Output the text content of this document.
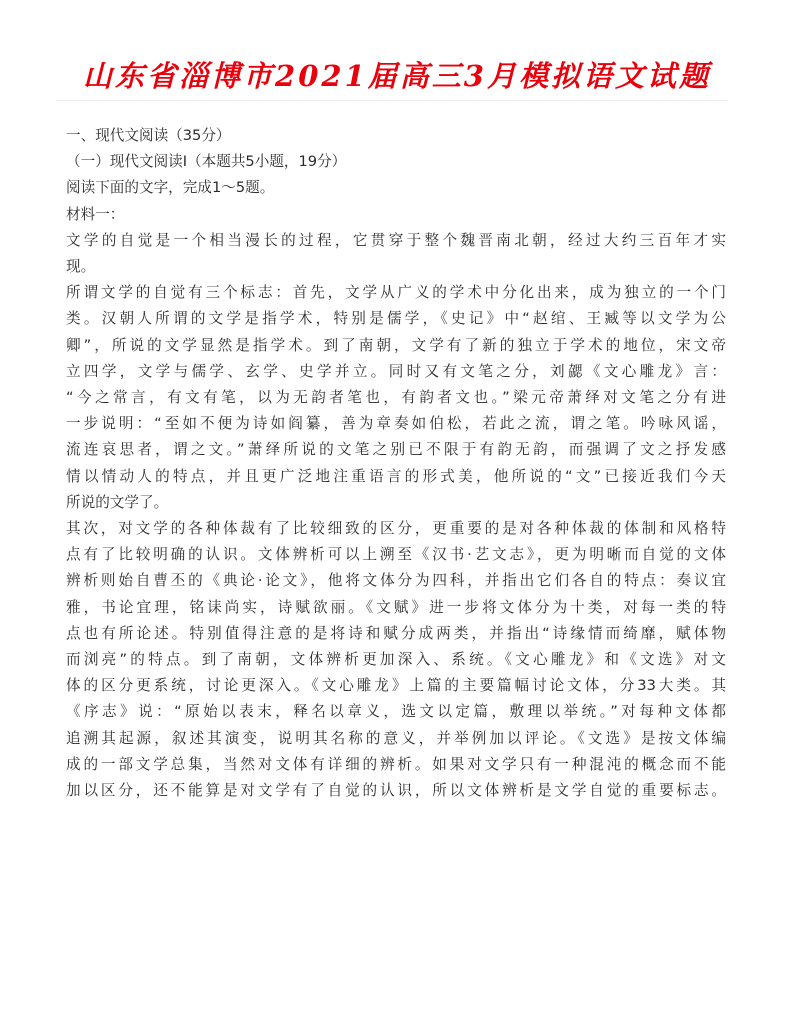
山东省淄博市2021届高三3月模拟语文试题

一、现代文阅读（35分）

（一）现代文阅读Ⅰ（本题共5小题，19分）

阅读下面的文字，完成1～5题。

材料一：

文学的自觉是一个相当漫长的过程，它贯穿于整个魏晋南北朝，经过大约三百年才实

现。

所谓文学的自觉有三个标志：首先，文学从广义的学术中分化出来，成为独立的一个门

类。汉朝人所谓的文学是指学术，特别是儒学，《史记》中“赵绾、王臧等以文学为公

卿”，所说的文学显然是指学术。到了南朝，文学有了新的独立于学术的地位，宋文帝

立四学，文学与儒学、玄学、史学并立。同时又有文笔之分，刘勰《文心雕龙》言：

“今之常言，有文有笔，以为无韵者笔也，有韵者文也。”梁元帝萧绎对文笔之分有进

一步说明：“至如不便为诗如阎纂，善为章奏如伯松，若此之流，谓之笔。吟咏风谣，

流连哀思者，谓之文。”萧绎所说的文笔之别已不限于有韵无韵，而强调了文之抒发感

情以情动人的特点，并且更广泛地注重语言的形式美，他所说的“文”已接近我们今天

所说的文学了。

其次，对文学的各种体裁有了比较细致的区分，更重要的是对各种体裁的体制和风格特

点有了比较明确的认识。文体辨析可以上溯至《汉书·艺文志》，更为明晰而自觉的文体

辨析则始自曹丕的《典论·论文》，他将文体分为四科，并指出它们各自的特点：奏议宜

雅，书论宜理，铭诔尚实，诗赋欲丽。《文赋》进一步将文体分为十类，对每一类的特

点也有所论述。特别值得注意的是将诗和赋分成两类，并指出“诗缘情而绮靡，赋体物

而浏亮”的特点。到了南朝，文体辨析更加深入、系统。《文心雕龙》和《文选》对文

体的区分更系统，讨论更深入。《文心雕龙》上篇的主要篇幅讨论文体，分33大类。其

《序志》说：“原始以表末，释名以章义，选文以定篇，敷理以举统。”对每种文体都

追溯其起源，叙述其演变，说明其名称的意义，并举例加以评论。《文选》是按文体编

成的一部文学总集，当然对文体有详细的辨析。如果对文学只有一种混沌的概念而不能

加以区分，还不能算是对文学有了自觉的认识，所以文体辨析是文学自觉的重要标志。
